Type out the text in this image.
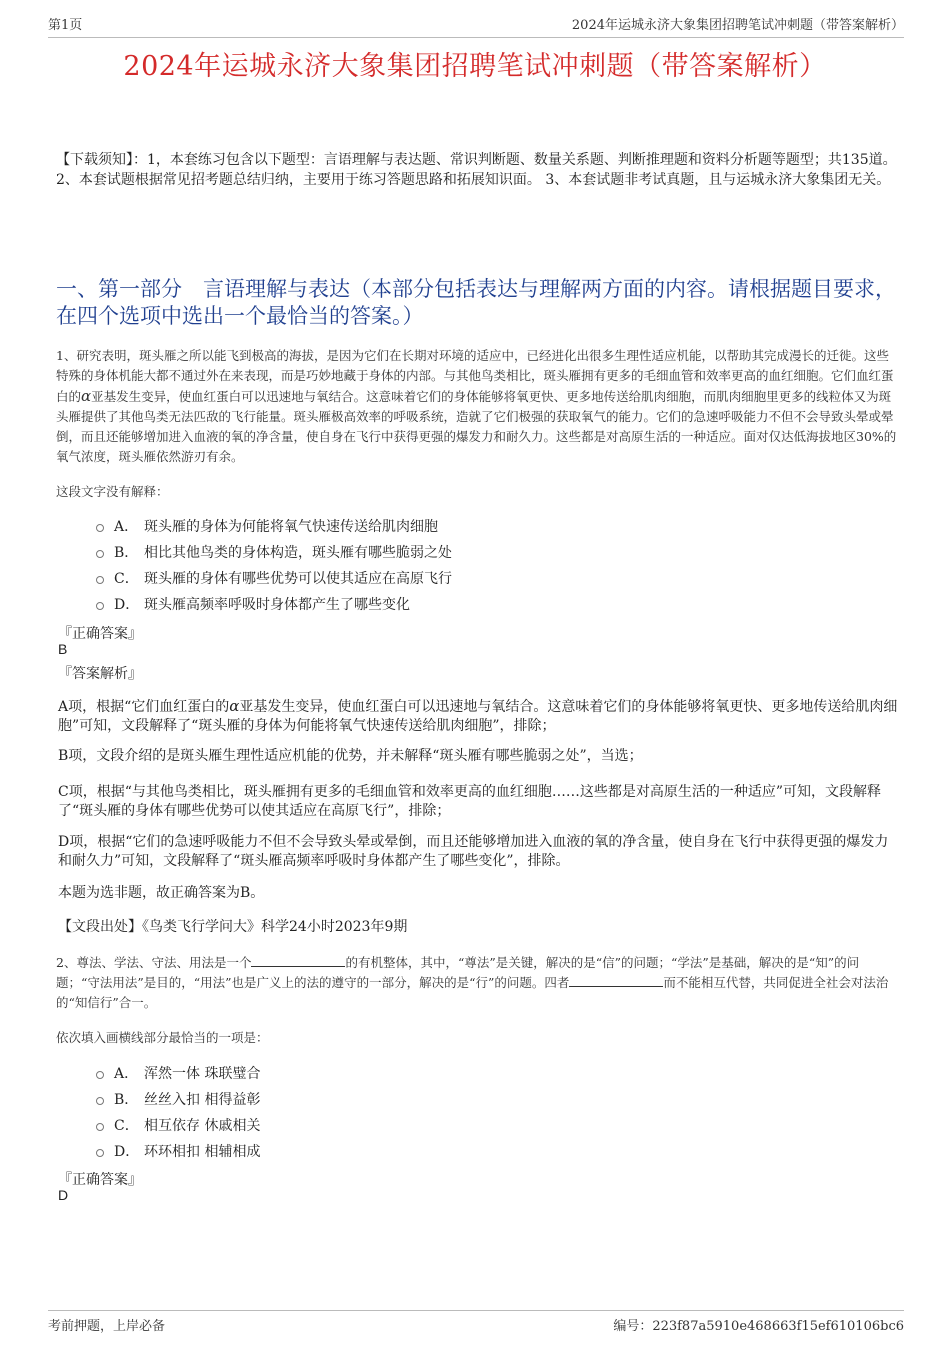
第1页	2024年运城永济大象集团招聘笔试冲刺题（带答案解析）
2024年运城永济大象集团招聘笔试冲刺题（带答案解析）
【下载须知】：1，本套练习包含以下题型：言语理解与表达题、常识判断题、数量关系题、判断推理题和资料分析题等题型；共135道。 2、本套试题根据常见招考题总结归纳，主要用于练习答题思路和拓展知识面。 3、本套试题非考试真题，且与运城永济大象集团无关。
一、第一部分　言语理解与表达（本部分包括表达与理解两方面的内容。请根据题目要求，在四个选项中选出一个最恰当的答案。）
1、研究表明，斑头雁之所以能飞到极高的海拔，是因为它们在长期对环境的适应中，已经进化出很多生理性适应机能，以帮助其完成漫长的迁徙。这些特殊的身体机能大都不通过外在来表现，而是巧妙地藏于身体的内部。与其他鸟类相比，斑头雁拥有更多的毛细血管和效率更高的血红细胞。它们血红蛋白的α亚基发生变异，使血红蛋白可以迅速地与氧结合。这意味着它们的身体能够将氧更快、更多地传送给肌肉细胞，而肌肉细胞里更多的线粒体又为斑头雁提供了其他鸟类无法匹敌的飞行能量。斑头雁极高效率的呼吸系统，造就了它们极强的获取氧气的能力。它们的急速呼吸能力不但不会导致头晕或晕倒，而且还能够增加进入血液的氧的净含量，使自身在飞行中获得更强的爆发力和耐久力。这些都是对高原生活的一种适应。面对仅达低海拔地区30%的氧气浓度，斑头雁依然游刃有余。
这段文字没有解释：
A． 斑头雁的身体为何能将氧气快速传送给肌肉细胞
B． 相比其他鸟类的身体构造，斑头雁有哪些脆弱之处
C． 斑头雁的身体有哪些优势可以使其适应在高原飞行
D． 斑头雁高频率呼吸时身体都产生了哪些变化
『正确答案』
B
『答案解析』
A项，根据“它们血红蛋白的α亚基发生变异，使血红蛋白可以迅速地与氧结合。这意味着它们的身体能够将氧更快、更多地传送给肌肉细胞”可知，文段解释了“斑头雁的身体为何能将氧气快速传送给肌肉细胞”，排除；
B项，文段介绍的是斑头雁生理性适应机能的优势，并未解释“斑头雁有哪些脆弱之处”，当选；
C项，根据“与其他鸟类相比，斑头雁拥有更多的毛细血管和效率更高的血红细胞……这些都是对高原生活的一种适应”可知，文段解释了“斑头雁的身体有哪些优势可以使其适应在高原飞行”，排除；
D项，根据“它们的急速呼吸能力不但不会导致头晕或晕倒，而且还能够增加进入血液的氧的净含量，使自身在飞行中获得更强的爆发力和耐久力”可知，文段解释了“斑头雁高频率呼吸时身体都产生了哪些变化”，排除。
本题为选非题，故正确答案为B。
【文段出处】《鸟类飞行学问大》科学24小时2023年9期
2、尊法、学法、守法、用法是一个	的有机整体，其中，“尊法”是关键，解决的是“信”的问题；“学法”是基础，解决的是“知”的问题；“守法用法”是目的，“用法”也是广义上的法的遵守的一部分，解决的是“行”的问题。四者	而不能相互代替，共同促进全社会对法治的“知信行”合一。
依次填入画横线部分最恰当的一项是：
A． 浑然一体 珠联璧合
B． 丝丝入扣 相得益彰
C． 相互依存 休戚相关
D． 环环相扣 相辅相成
『正确答案』
D
考前押题，上岸必备	编号：223f87a5910e468663f15ef610106bc6
